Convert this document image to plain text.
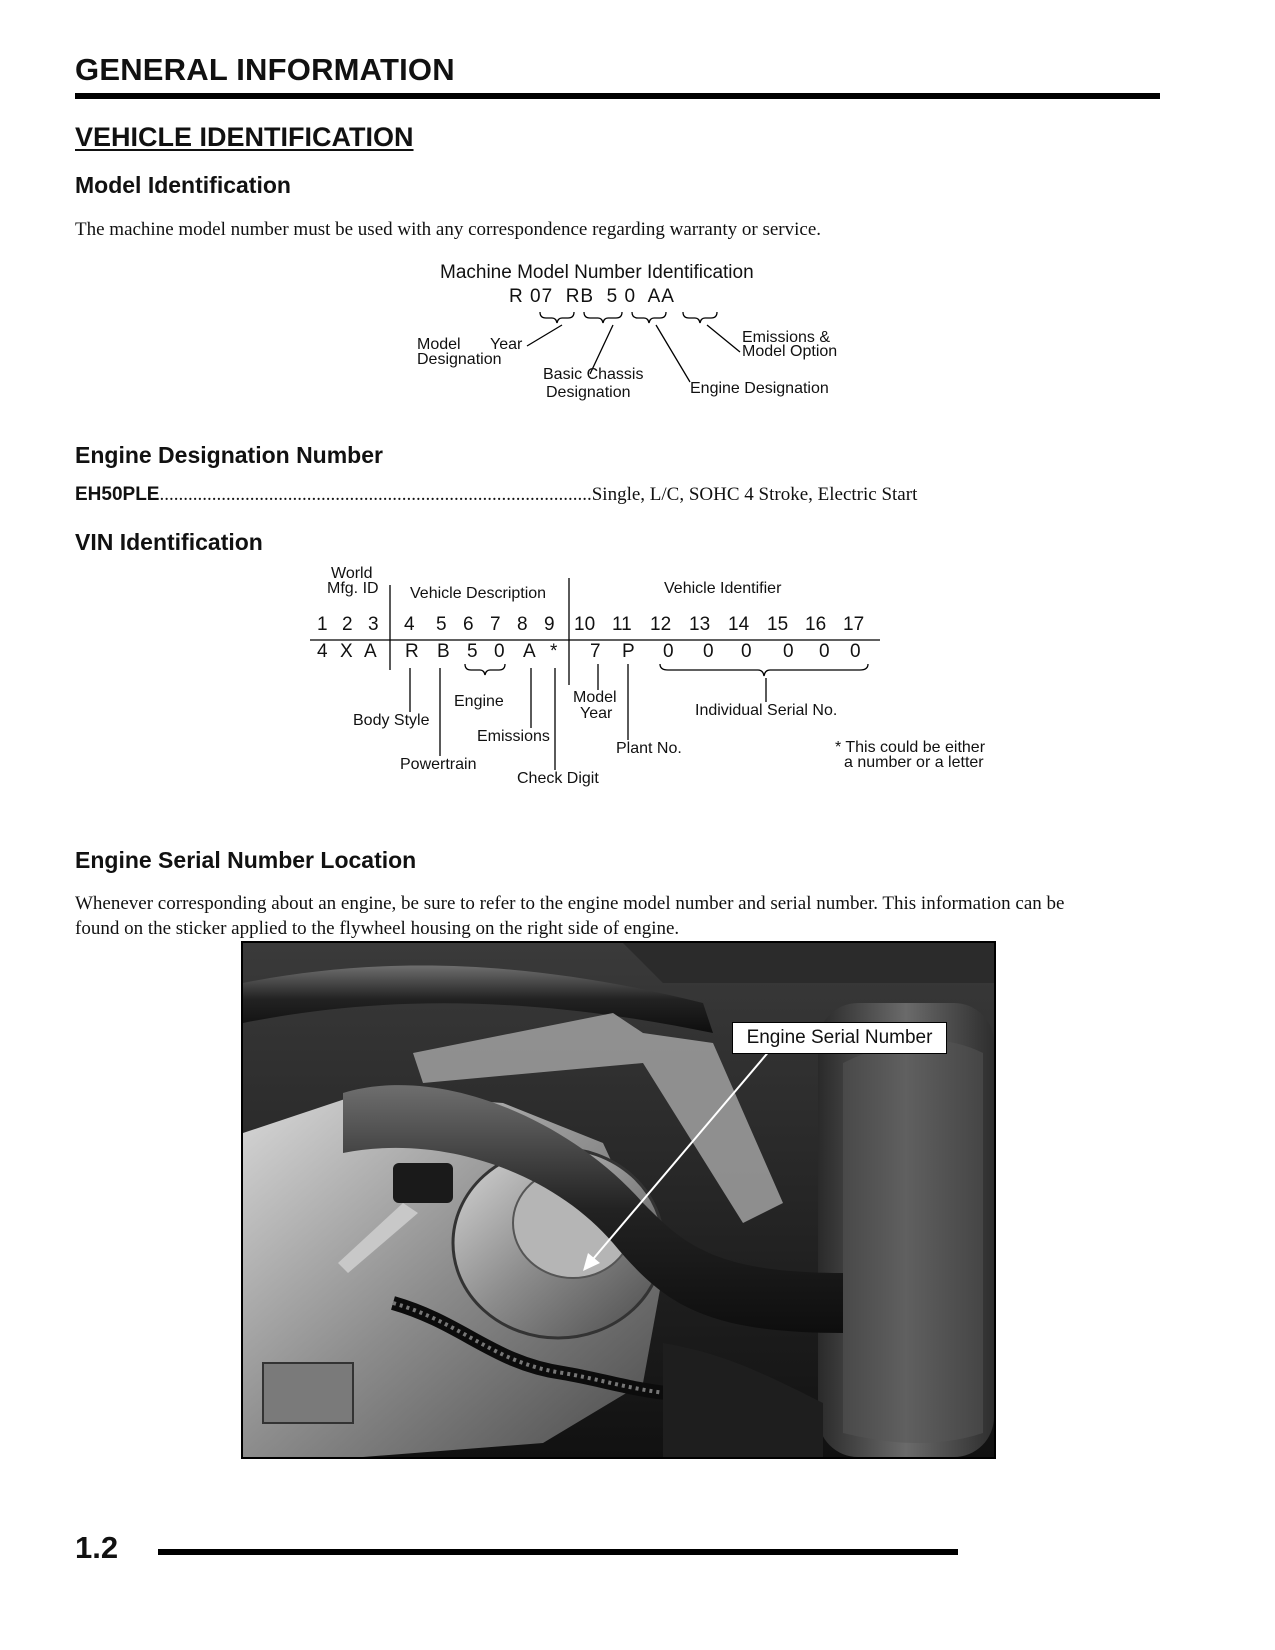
GENERAL INFORMATION
VEHICLE IDENTIFICATION
Model Identification
The machine model number must be used with any correspondence regarding warranty or service.
Machine Model Number Identification
R 07  RB  5 0  AA
Model
Designation
Year	Emissions &
Model Option
Basic Chassis
Designation	Engine Designation
Engine Designation Number
EH50PLE...........................................................................................Single, L/C, SOHC 4 Stroke, Electric Start
VIN Identification
World
Mfg. ID Vehicle Description	Vehicle Identifier
1 2 3 4 5 6 7 8 9 10 11 12 13 14 15 16 17
4 X A R B 5 0 A * 7 P 0 0 0 0 0 0
Engine
Body Style
Emissions
Powertrain
Check Digit
Model
Year
Plant No.
Individual Serial No.
* This could be either
a number or a letter
Engine Serial Number Location
Whenever corresponding about an engine, be sure to refer to the engine model number and serial number. This information can be
found on the sticker applied to the flywheel housing on the right side of engine.
Engine Serial Number
1.2
